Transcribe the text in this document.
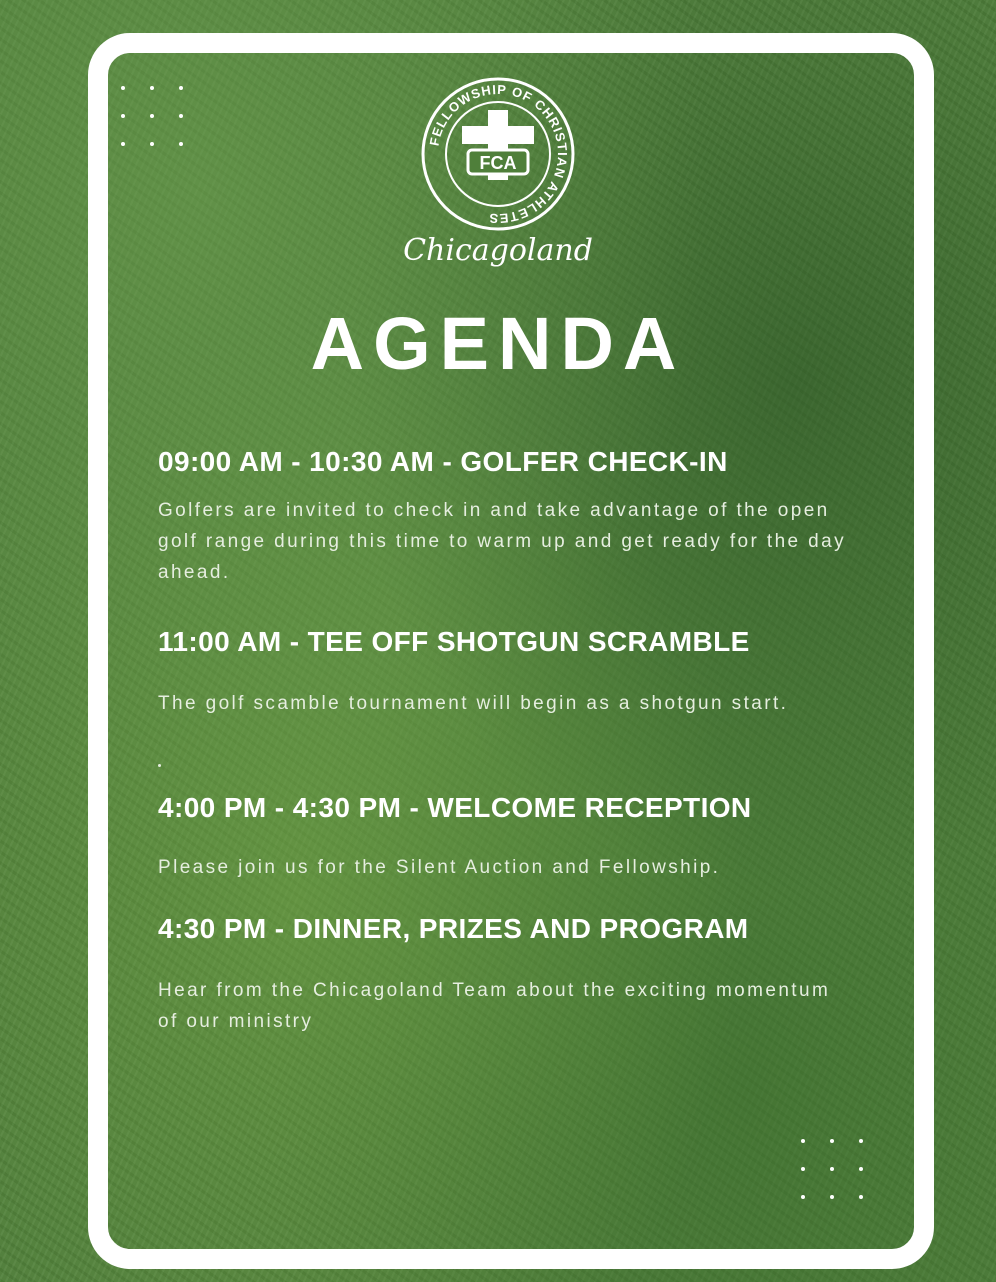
FELLOWSHIP OF CHRISTIAN ATHLETES
FCA
Chicagoland
AGENDA
09:00 AM - 10:30 AM - GOLFER CHECK-IN
Golfers are invited to check in and take advantage of the open golf range during this time to warm up and get ready for the day ahead.
11:00 AM - TEE OFF SHOTGUN SCRAMBLE
The golf scamble tournament will begin as a shotgun start.
4:00 PM - 4:30 PM - WELCOME RECEPTION
Please join us for the Silent Auction and Fellowship.
4:30 PM - DINNER, PRIZES AND PROGRAM
Hear from the Chicagoland Team about the exciting momentum of our ministry
